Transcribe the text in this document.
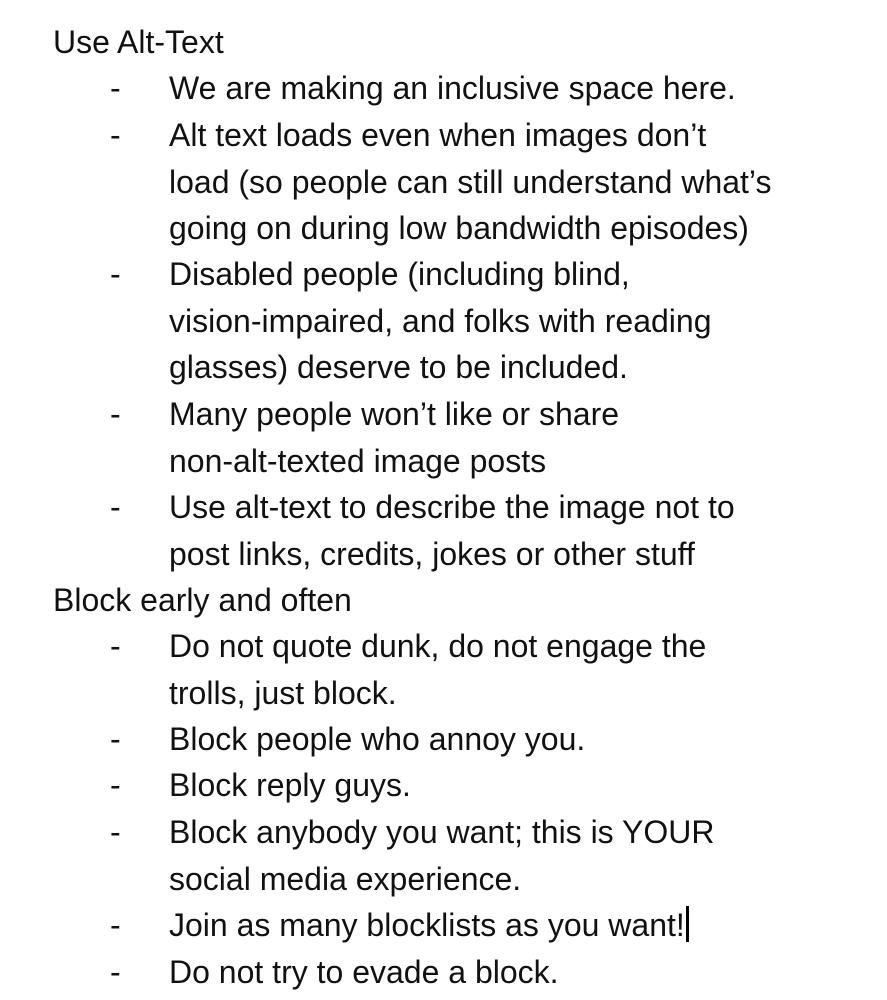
Use Alt-Text
- We are making an inclusive space here.
- Alt text loads even when images don’t
load (so people can still understand what’s
going on during low bandwidth episodes)
- Disabled people (including blind,
vision-impaired, and folks with reading
glasses) deserve to be included.
- Many people won’t like or share
non-alt-texted image posts
- Use alt-text to describe the image not to
post links, credits, jokes or other stuff
Block early and often
- Do not quote dunk, do not engage the
trolls, just block.
- Block people who annoy you.
- Block reply guys.
- Block anybody you want; this is YOUR
social media experience.
- Join as many blocklists as you want!
- Do not try to evade a block.
